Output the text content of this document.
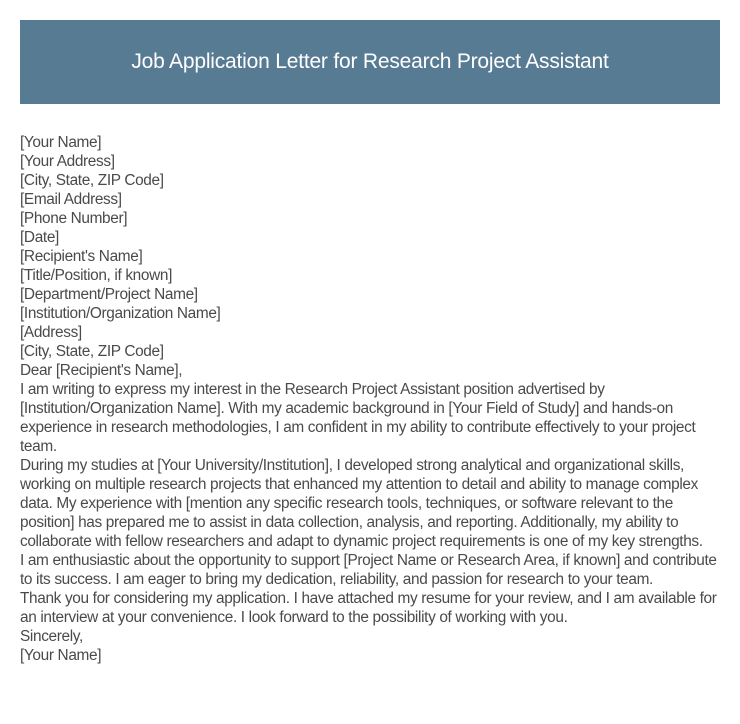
Job Application Letter for Research Project Assistant

[Your Name]

[Your Address]

[City, State, ZIP Code]

[Email Address]

[Phone Number]

[Date]

[Recipient's Name]

[Title/Position, if known]

[Department/Project Name]

[Institution/Organization Name]

[Address]

[City, State, ZIP Code]

Dear [Recipient's Name],

I am writing to express my interest in the Research Project Assistant position advertised by [Institution/Organization Name]. With my academic background in [Your Field of Study] and hands-on experience in research methodologies, I am confident in my ability to contribute effectively to your project team.

During my studies at [Your University/Institution], I developed strong analytical and organizational skills, working on multiple research projects that enhanced my attention to detail and ability to manage complex data. My experience with [mention any specific research tools, techniques, or software relevant to the position] has prepared me to assist in data collection, analysis, and reporting. Additionally, my ability to collaborate with fellow researchers and adapt to dynamic project requirements is one of my key strengths.

I am enthusiastic about the opportunity to support [Project Name or Research Area, if known] and contribute to its success. I am eager to bring my dedication, reliability, and passion for research to your team.

Thank you for considering my application. I have attached my resume for your review, and I am available for an interview at your convenience. I look forward to the possibility of working with you.

Sincerely,

[Your Name]
